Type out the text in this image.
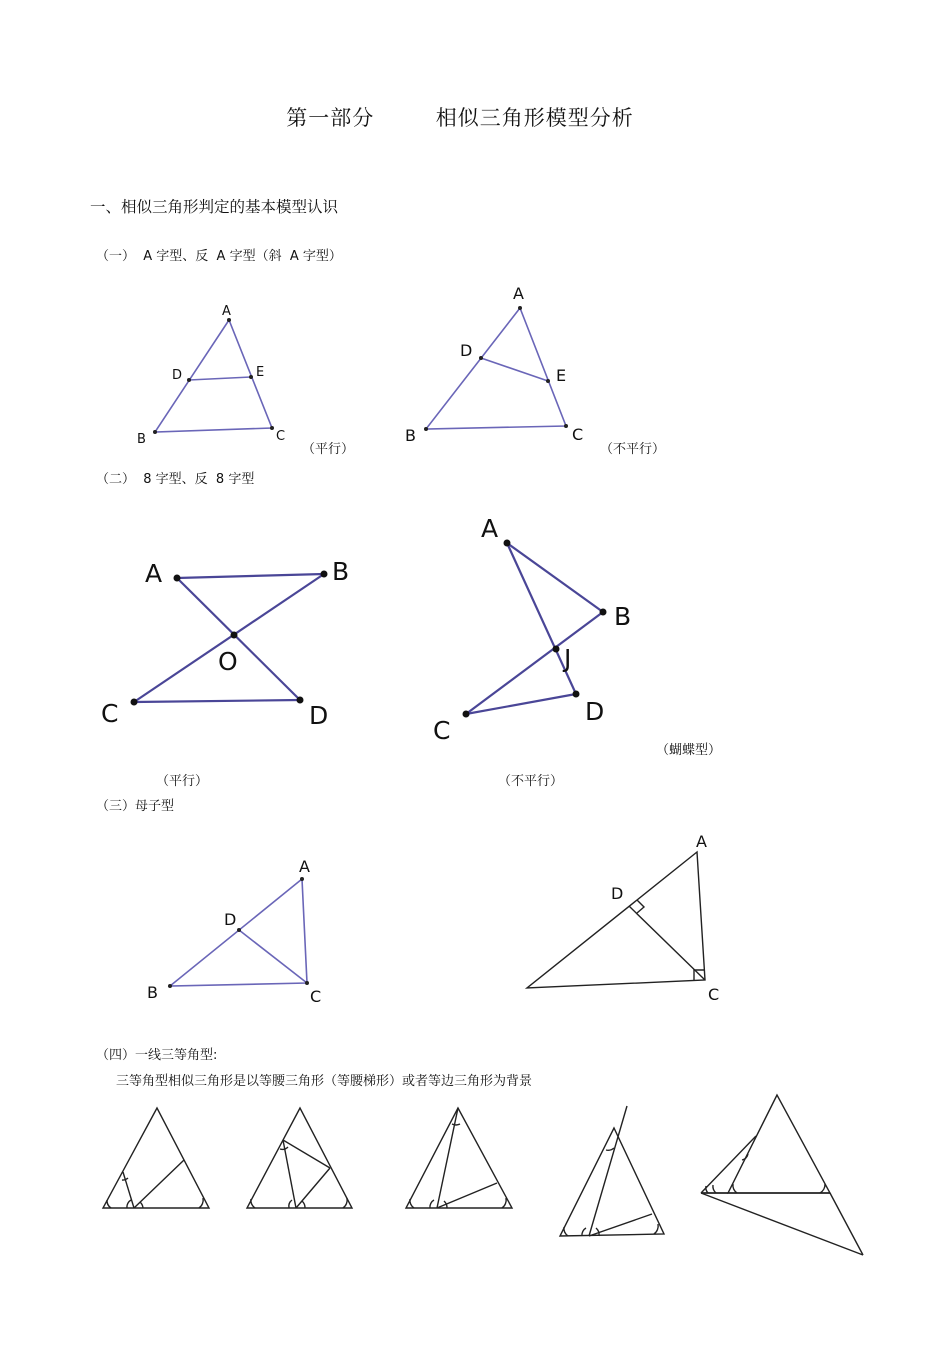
第一部分        相似三角形模型分析
一、相似三角形判定的基本模型认识
（一）  A 字型、反  A 字型（斜  A 字型）
（二）  8 字型、反  8 字型
（三）母子型
（四）一线三等角型:
三等角型相似三角形是以等腰三角形（等腰梯形）或者等边三角形为背景
（平行）	（不平行）
（平行）	（不平行）
（蝴蝶型）
A
D	E
B	C
A
D
E
B	C
A	B
O
C	D
A
B
J
D
C
A
D
B	C
A
D
C
